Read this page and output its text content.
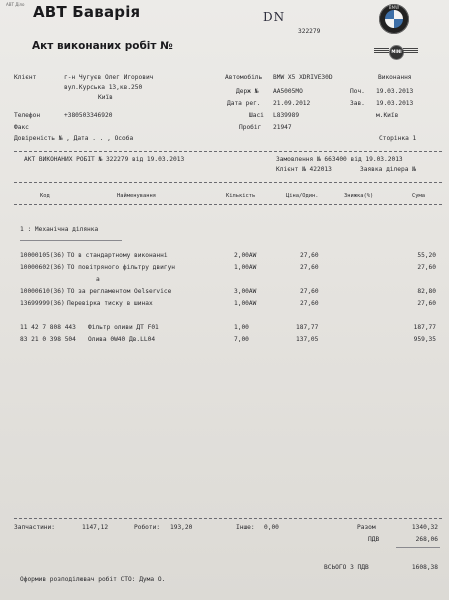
АВТ Діло АВТ Баварія	DN
Акт виконаних робіт №
322279
BMW
MINI
Клієнт	г-н Чугуєв Олег Игорович
вул.Курська 13,кв.250
Київ
Телефон	+380503346920
Факс
Довіреність № , Дата . . , Особа
Автомобіль BMW X5 XDRIVE30D
Держ № АА5005МО
Дата рег. 21.09.2012
Шасі L839989
Пробіг 21947
Виконання
Поч. 19.03.2013
Зав. 19.03.2013
м.Київ
Сторінка 1
АКТ ВИКОНАНИХ РОБІТ № 322279 від 19.03.2013	Замовлення № 663400 від 19.03.2013
Клієнт № 422013	Заявка ділера №
Код	Найменування	Кількість	Ціна/Один.	Знижка(%)	Сума
1 : Механічна ділянка
10000105(36) ТО в стандартному виконанні	2,00AW	27,60	55,20
10000602(36) ТО повітряного фільтру двигун	1,00AW	27,60	27,60
а
10000610(36) ТО за регламентом Oelservice	3,00AW	27,60	82,80
13699999(36) Перевірка тиску в шинах	1,00AW	27,60	27,60
11 42 7 808 443 Фільтр оливи ДТ F01	1,00	187,77	187,77
83 21 0 398 504 Олива 0W40 Дв.LL04	7,00	137,05	959,35
Запчастини:	1147,12	Роботи: 193,20	Інше: 0,00	Разом	1340,32
ПДВ	268,06
ВСЬОГО З ПДВ	1608,38
Оформив розподілювач робіт СТО: Дума О.
